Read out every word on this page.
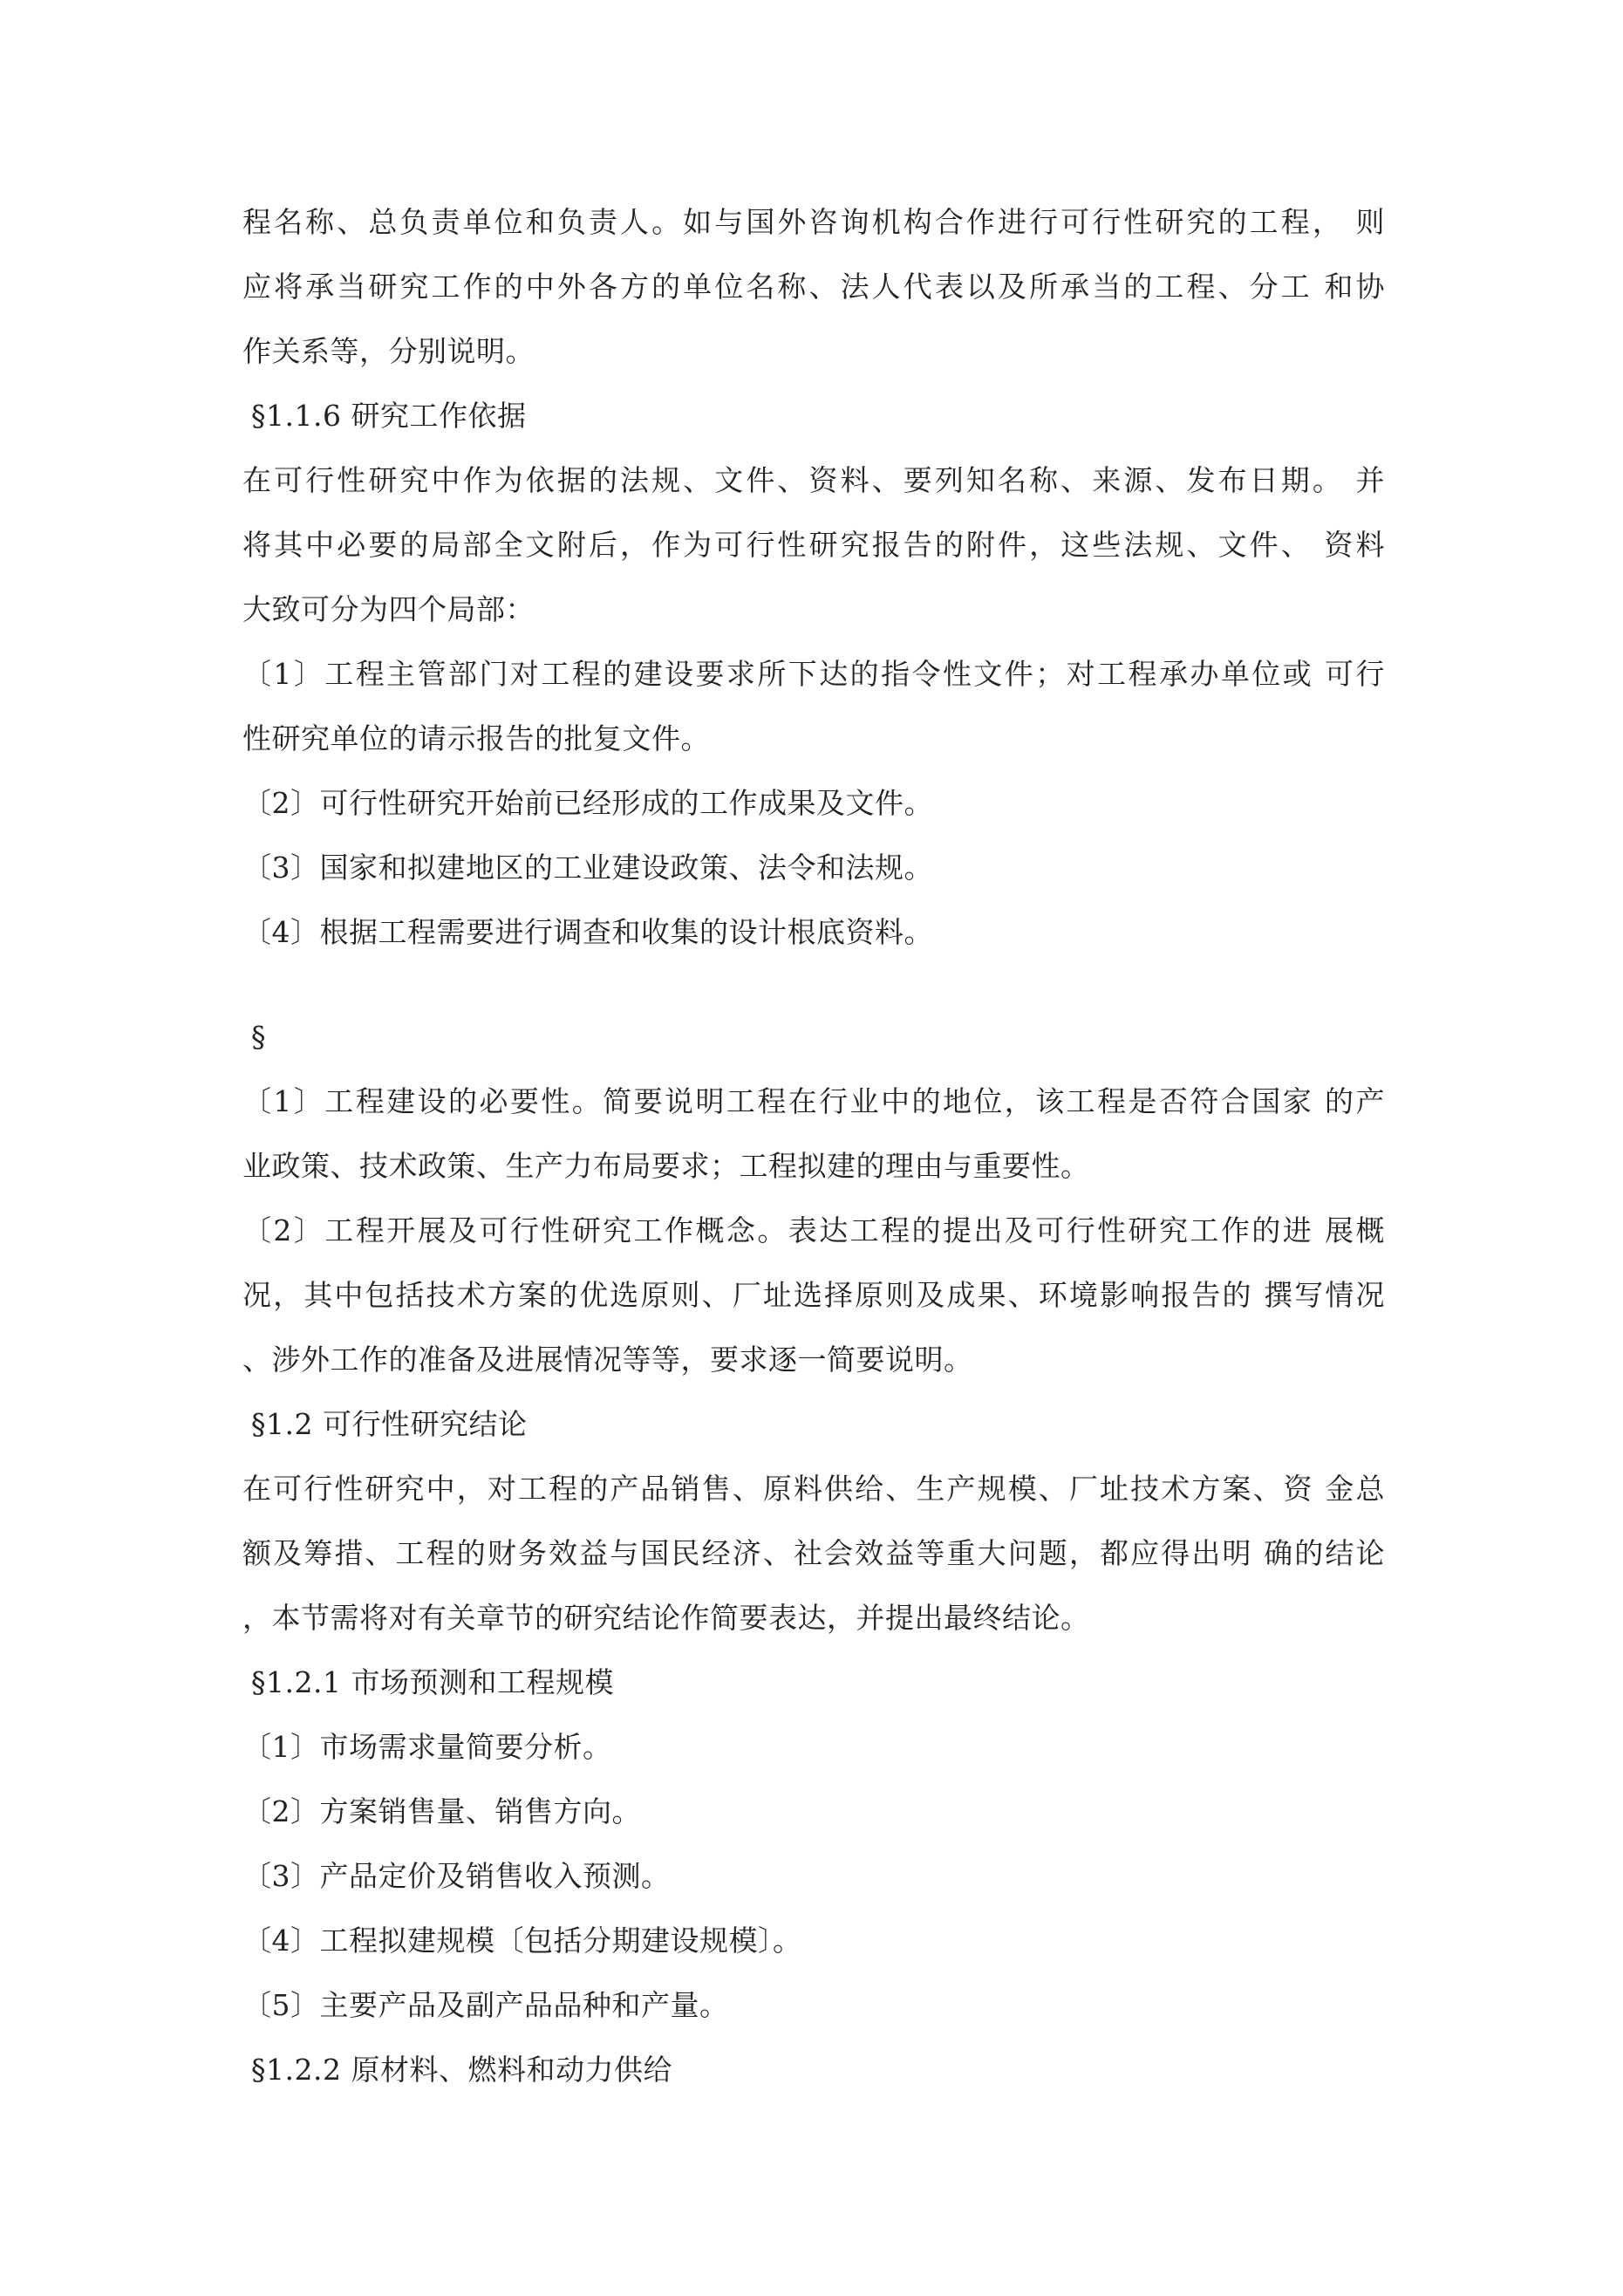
程名称、总负责单位和负责人。如与国外咨询机构合作进行可行性研究的工程， 则
应将承当研究工作的中外各方的单位名称、法人代表以及所承当的工程、分工 和协
作关系等，分别说明。
§1.1.6 研究工作依据
在可行性研究中作为依据的法规、文件、资料、要列知名称、来源、发布日期。 并
将其中必要的局部全文附后，作为可行性研究报告的附件，这些法规、文件、 资料
大致可分为四个局部：
〔1〕工程主管部门对工程的建设要求所下达的指令性文件；对工程承办单位或 可行
性研究单位的请示报告的批复文件。
〔2〕可行性研究开始前已经形成的工作成果及文件。
〔3〕国家和拟建地区的工业建设政策、法令和法规。
〔4〕根据工程需要进行调查和收集的设计根底资料。
§
〔1〕工程建设的必要性。简要说明工程在行业中的地位，该工程是否符合国家 的产
业政策、技术政策、生产力布局要求；工程拟建的理由与重要性。
〔2〕工程开展及可行性研究工作概念。表达工程的提出及可行性研究工作的进 展概
况，其中包括技术方案的优选原则、厂址选择原则及成果、环境影响报告的 撰写情况
、涉外工作的准备及进展情况等等，要求逐一简要说明。
§1.2 可行性研究结论
在可行性研究中，对工程的产品销售、原料供给、生产规模、厂址技术方案、资 金总
额及筹措、工程的财务效益与国民经济、社会效益等重大问题，都应得出明 确的结论
，本节需将对有关章节的研究结论作简要表达，并提出最终结论。
§1.2.1 市场预测和工程规模
〔1〕市场需求量简要分析。
〔2〕方案销售量、销售方向。
〔3〕产品定价及销售收入预测。
〔4〕工程拟建规模〔包括分期建设规模〕。
〔5〕主要产品及副产品品种和产量。
§1.2.2 原材料、燃料和动力供给
